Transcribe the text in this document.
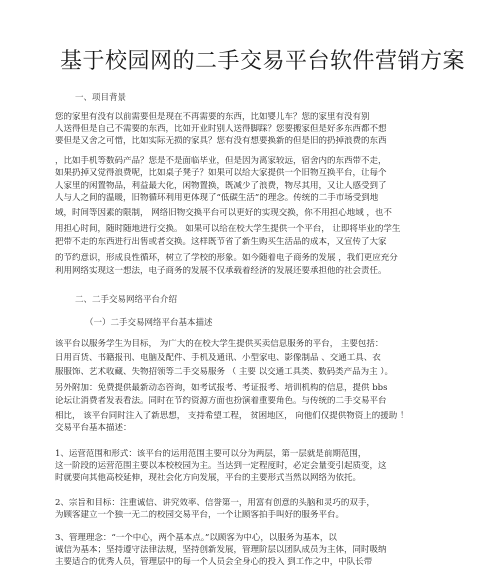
基于校园网的二手交易平台软件营销方案
一、项目背景
您的家里有没有以前需要但是现在不再需要的东西，比如婴儿车？您的家里有没有别
人送得但是自己不需要的东西，比如开业时别人送得脚踩？您要搬家但是好多东西都不想
要但是又舍之可惜，比如实际无损的家具？您有没有想要换新的但是旧的扔掉浪费的东西
，比如手机等数码产品？您是不是面临毕业，但是因为离家较远，宿舍内的东西带不走，
如果扔掉又觉得浪费呢，比如桌子凳子？如果可以给大家提供一个旧物互换平台，让每个
人家里的闲置物品，利益最大化，闲物置换，既减少了浪费，物尽其用，又让人感受到了
人与人之间的温暖，旧物循环利用更体现了“低碳生活”的理念。传统的二手市场受到地
域，时间等因素的限制， 网络旧物交换平台可以更好的实现交换，你不用担心地域 ，也不
用担心时间，随时随地进行交换。 如果可以给在校大学生提供一个平台， 让即将毕业的学生
把带不走的东西进行出售或者交换。这样既节省了新生购买生活品的成本，又宣传了大家
的节约意识，形成良性循环，树立了学校的形象。如今随着电子商务的发展 ，我们更应充分
利用网络实现这一想法，电子商务的发展不仅承载着经济的发展还要承担他的社会责任。
二、二手交易网络平台介绍
（一）二手交易网络平台基本描述
该平台以服务学生为目标， 为广大的在校大学生提供买卖信息服务的平台， 主要包括：
日用百货、书籍报刊、电脑及配件、手机及通讯、小型家电、影像制品 、交通工具、衣
服服饰、艺术收藏、失物招领等二手交易服务 （ 主要 以交通工具类、数码类产品为主 ）。
另外附加：免费提供最新动态咨询，如考试报考、考证报考、培训机构的信息，提供 bbs
论坛让消费者发表看法。同时在节约资源方面也扮演着重要角色。与传统的二手交易平台
相比， 该平台同时注入了新思想， 支持希望工程， 贫困地区， 向他们仅提供物资上的援助 ！
交易平台基本描述：
1、运营范围和形式：该平台的运用范围主要可以分为两层，第一层就是前期范围，
这一阶段的运营范围主要以本校校园为主。当达到一定程度时，必定会量变引起质变，这
时就要向其他高校延伸，现社会化方向发展，平台的主要形式当然以网络为依托。
2、宗旨和目标：注重诚信、讲究效率、信誉第一，用富有创意的头脑和灵巧的双手，
为顾客建立一个独一无二的校园交易平台，一个让顾客拍手叫好的服务平台。
3、管理理念：“一个中心，两个基本点。”以顾客为中心，以服务为基本，以
诚信为基本；坚持遵守法律法规，坚持创新发展，管理阶层以团队成员为主体，同时吸纳
主要适合的优秀人员，管理层中的每一个人员会全身心的投入 到工作之中，中队长带
